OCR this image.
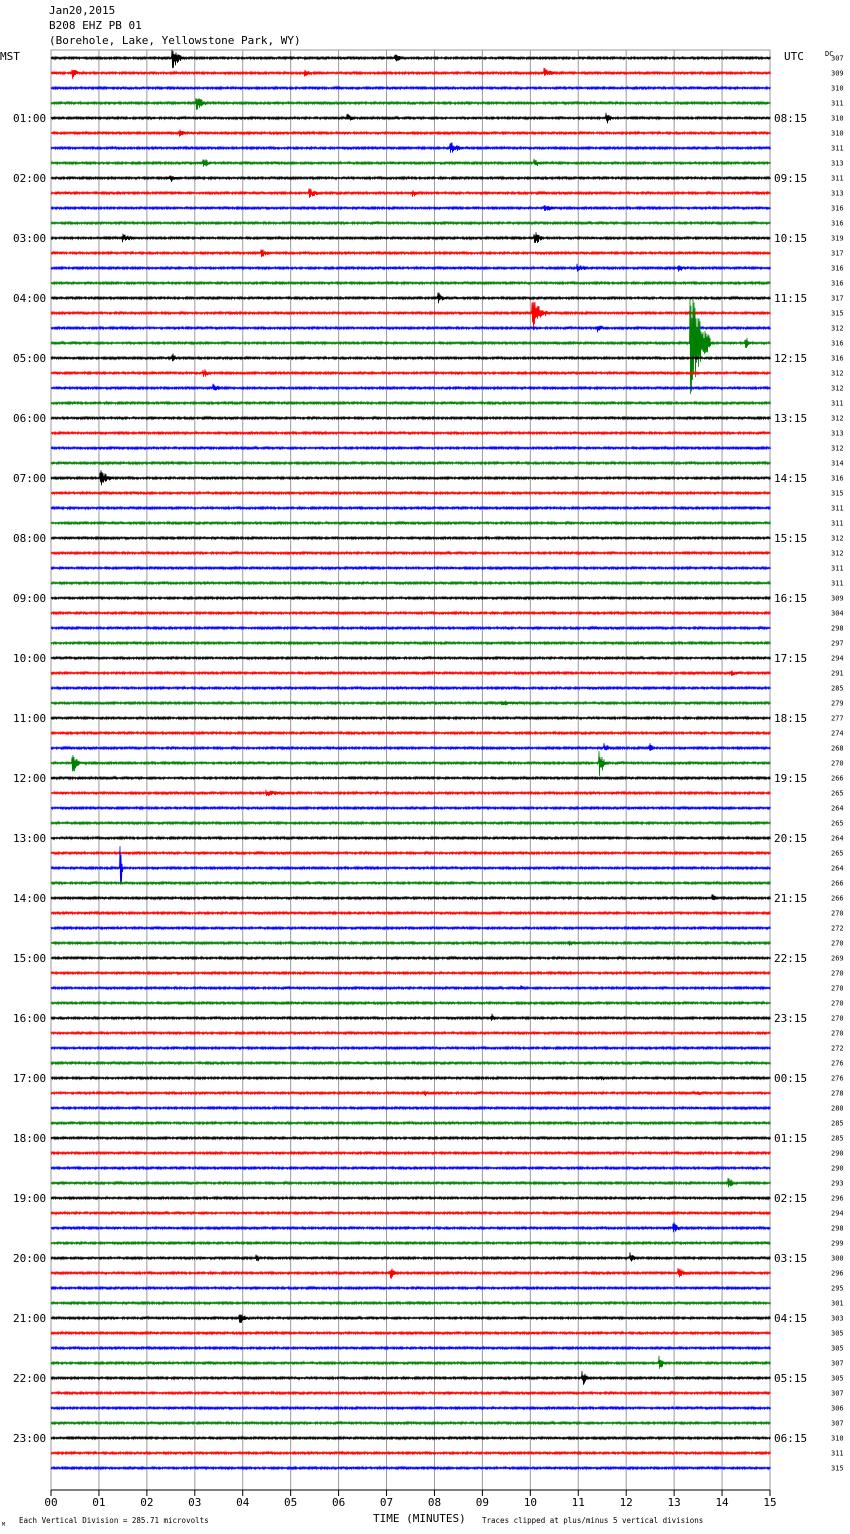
Jan20,2015
B208 EHZ PB 01
(Borehole, Lake, Yellowstone Park, WY)
00	01	02	03	04	05	06	07	08	09	10	11	12	13	14	15
307
309
310
311
310
310
311
313
311
313
316
316
319
317
316
316
317
315
312
316
316
312
312
311
312
313
312
314
316
315
311
311
312
312
311
311
309
304
298
297
294
291
285
279
277
274
268
270
266
265
264
265
264
265
264
266
266
270
272
270
269
270
270
270
270
270
272
276
276
278
280
285
285
290
290
293
296
294
298
299
300
296
295
301
303
305
305
307
305
307
306
307
310
311
315
01:00
02:00
03:00
04:00
05:00
06:00
07:00
08:00
09:00
10:00
11:00
12:00
13:00
14:00
15:00
16:00
17:00
18:00
19:00
20:00
21:00
22:00
23:00
08:15
09:15
10:15
11:15
12:15
13:15
14:15
15:15
16:15
17:15
18:15
19:15
20:15
21:15
22:15
23:15
00:15
01:15
02:15
03:15
04:15
05:15
06:15
MST	UTC	DC
TIME (MINUTES)
Each Vertical Division = 285.71 microvolts	Traces clipped at plus/minus 5 vertical divisions
M
